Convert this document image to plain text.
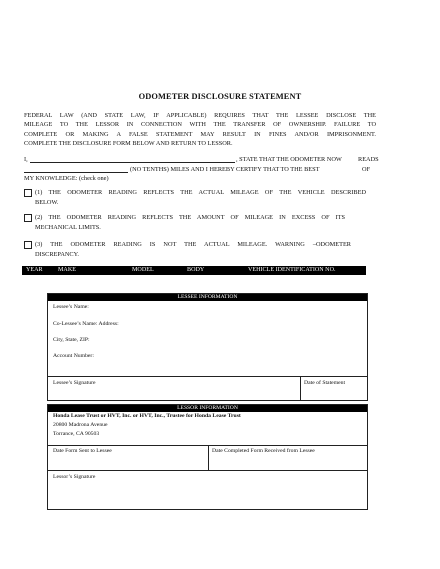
ODOMETER DISCLOSURE STATEMENT
FEDERAL LAW (AND STATE LAW, IF APPLICABLE) REQUIRES THAT THE LESSEE DISCLOSE THE
MILEAGE TO THE LESSOR IN CONNECTION WITH THE TRANSFER OF OWNERSHIP. FAILURE TO
COMPLETE OR MAKING A FALSE STATEMENT MAY RESULT IN FINES AND/OR IMPRISONMENT.
COMPLETE THE DISCLOSURE FORM BELOW AND RETURN TO LESSOR.
I,	, STATE THAT THE ODOMETER NOW	READS
(NO TENTHS) MILES AND I HEREBY CERTIFY THAT TO THE BEST	OF
MY KNOWLEDGE: (check one)
(1) THE ODOMETER READING REFLECTS THE ACTUAL MILEAGE OF THE VEHICLE DESCRIBED
BELOW.
(2) THE ODOMETER READING REFLECTS THE AMOUNT OF MILEAGE IN EXCESS OF ITS
MECHANICAL LIMITS.
(3) THE ODOMETER READING IS NOT THE ACTUAL MILEAGE. WARNING –ODOMETER
DISCREPANCY.
YEAR	MAKE	MODEL	BODY	VEHICLE IDENTIFICATION NO.
LESSEE INFORMATION
Lessee’s Name:
Co-Lessee’s Name: Address:
City, State, ZIP:
Account Number:
Lessee’s Signature	Date of Statement
LESSOR INFORMATION
Honda Lease Trust or HVT, Inc. or HVT, Inc., Trustee for Honda Lease Trust
20800 Madrona Avenue
Torrance, CA 90503
Date Form Sent to Lessee	Date Completed Form Received from Lessee
Lessor’s Signature
